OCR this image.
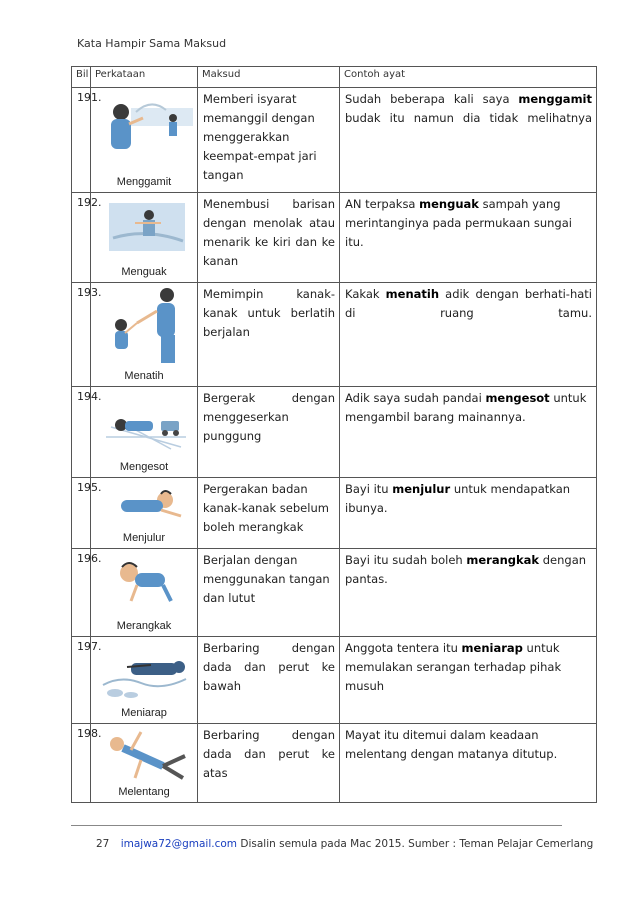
Kata Hampir Sama Maksud
Bil	Perkataan	Maksud	Contoh ayat
191.	Menggamit	Memberi isyarat memanggil dengan menggerakkan keempat-empat jari tangan	Sudah beberapa kali saya menggamit budak itu namun dia tidak melihatnya
192.	Menguak	Menembusi barisan dengan menolak atau menarik ke kiri dan ke kanan	AN terpaksa menguak sampah yang merintanginya pada permukaan sungai itu.
193.	Menatih	Memimpin kanak-kanak untuk berlatih berjalan	Kakak menatih adik dengan berhati-hati di ruang tamu.
194.	Mengesot	Bergerak dengan menggeserkan punggung	Adik saya sudah pandai mengesot untuk mengambil barang mainannya.
195.	Menjulur	Pergerakan badan kanak-kanak sebelum boleh merangkak	Bayi itu menjulur untuk mendapatkan ibunya.
196.	Merangkak	Berjalan dengan menggunakan tangan dan lutut	Bayi itu sudah boleh merangkak dengan pantas.
197.	Meniarap	Berbaring dengan dada dan perut ke bawah	Anggota tentera itu meniarap untuk memulakan serangan terhadap pihak musuh
198.	Melentang	Berbaring dengan dada dan perut ke atas	Mayat itu ditemui dalam keadaan melentang dengan matanya ditutup.
27 imajwa72@gmail.com Disalin semula pada Mac 2015. Sumber : Teman Pelajar Cemerlang
